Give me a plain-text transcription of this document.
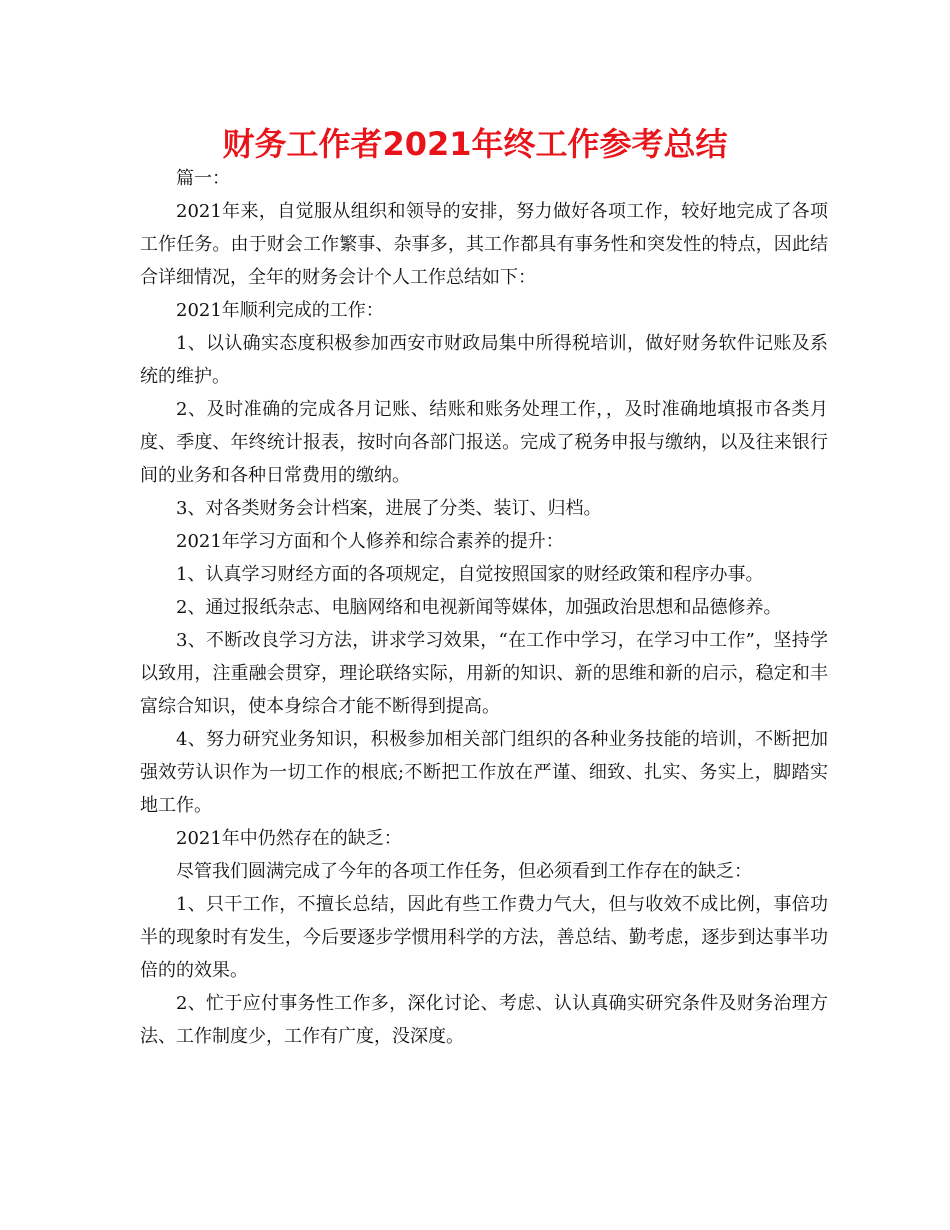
财务工作者2021年终工作参考总结

篇一：

2021年来，自觉服从组织和领导的安排，努力做好各项工作，较好地完成了各项工作任务。由于财会工作繁事、杂事多，其工作都具有事务性和突发性的特点，因此结合详细情况，全年的财务会计个人工作总结如下：

2021年顺利完成的工作：

1、以认确实态度积极参加西安市财政局集中所得税培训，做好财务软件记账及系统的维护。

2、及时准确的完成各月记账、结账和账务处理工作，，及时准确地填报市各类月度、季度、年终统计报表，按时向各部门报送。完成了税务申报与缴纳，以及往来银行间的业务和各种日常费用的缴纳。

3、对各类财务会计档案，进展了分类、装订、归档。

2021年学习方面和个人修养和综合素养的提升：

1、认真学习财经方面的各项规定，自觉按照国家的财经政策和程序办事。

2、通过报纸杂志、电脑网络和电视新闻等媒体，加强政治思想和品德修养。

3、不断改良学习方法，讲求学习效果，“在工作中学习，在学习中工作”，坚持学以致用，注重融会贯穿，理论联络实际，用新的知识、新的思维和新的启示，稳定和丰富综合知识，使本身综合才能不断得到提高。

4、努力研究业务知识，积极参加相关部门组织的各种业务技能的培训，不断把加强效劳认识作为一切工作的根底;不断把工作放在严谨、细致、扎实、务实上，脚踏实地工作。

2021年中仍然存在的缺乏：

尽管我们圆满完成了今年的各项工作任务，但必须看到工作存在的缺乏：

1、只干工作，不擅长总结，因此有些工作费力气大，但与收效不成比例，事倍功半的现象时有发生，今后要逐步学惯用科学的方法，善总结、勤考虑，逐步到达事半功倍的的效果。

2、忙于应付事务性工作多，深化讨论、考虑、认认真确实研究条件及财务治理方法、工作制度少，工作有广度，没深度。
